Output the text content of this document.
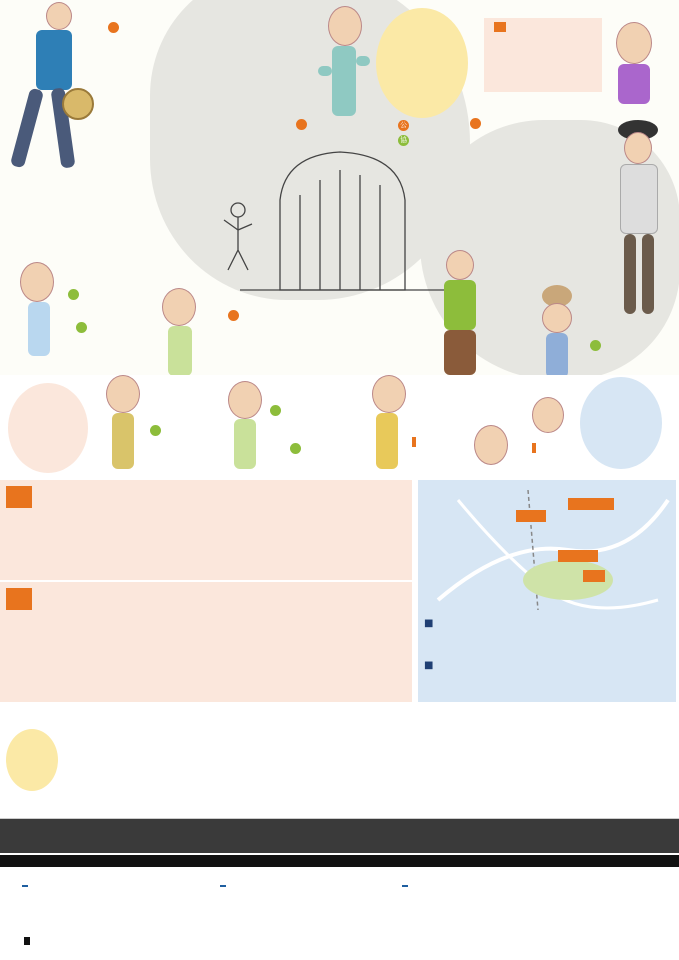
公
協
■
■
